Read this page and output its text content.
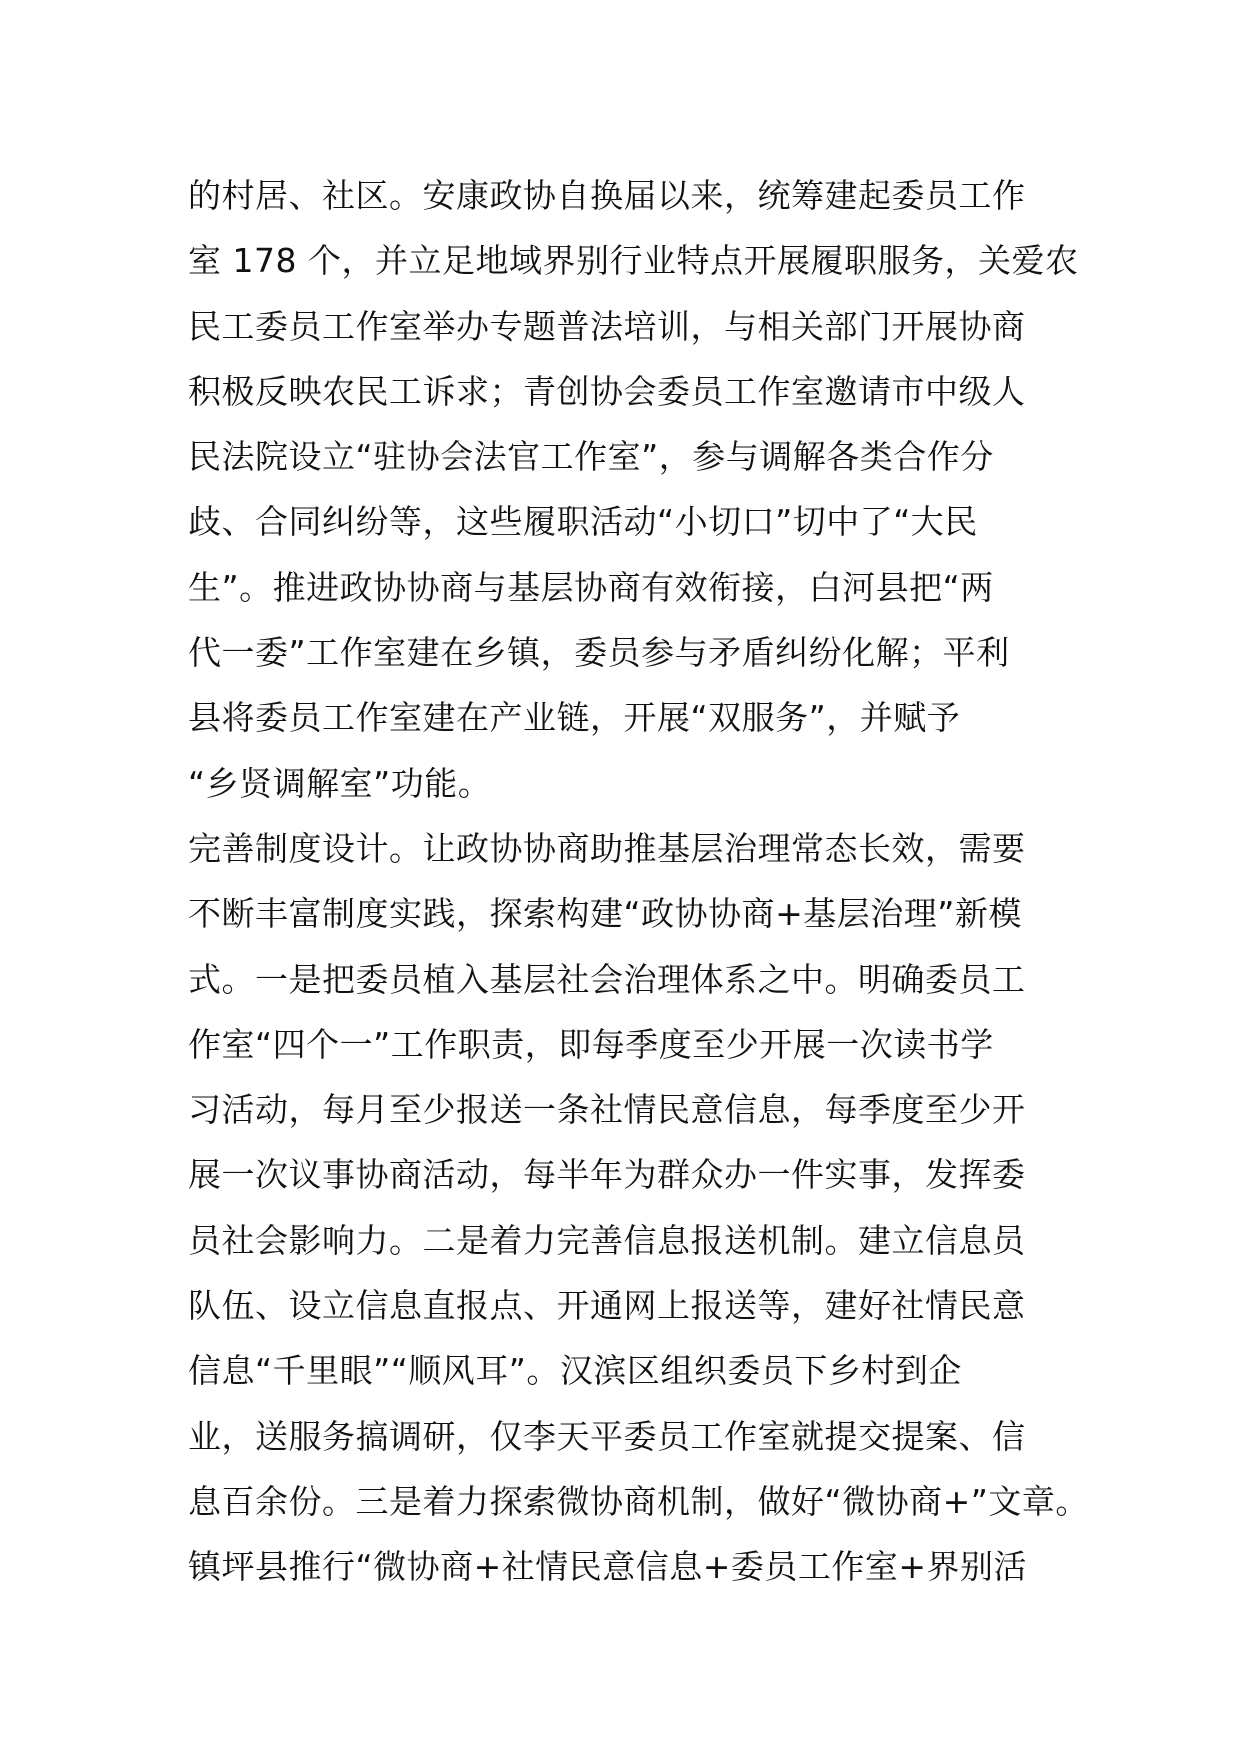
的村居、社区。安康政协自换届以来，统筹建起委员工作
室 178 个，并立足地域界别行业特点开展履职服务，关爱农
民工委员工作室举办专题普法培训，与相关部门开展协商
积极反映农民工诉求；青创协会委员工作室邀请市中级人
民法院设立“驻协会法官工作室”，参与调解各类合作分
歧、合同纠纷等，这些履职活动“小切口”切中了“大民
生”。推进政协协商与基层协商有效衔接，白河县把“两
代一委”工作室建在乡镇，委员参与矛盾纠纷化解；平利
县将委员工作室建在产业链，开展“双服务”，并赋予
“乡贤调解室”功能。
完善制度设计。让政协协商助推基层治理常态长效，需要
不断丰富制度实践，探索构建“政协协商+基层治理”新模
式。一是把委员植入基层社会治理体系之中。明确委员工
作室“四个一”工作职责，即每季度至少开展一次读书学
习活动，每月至少报送一条社情民意信息，每季度至少开
展一次议事协商活动，每半年为群众办一件实事，发挥委
员社会影响力。二是着力完善信息报送机制。建立信息员
队伍、设立信息直报点、开通网上报送等，建好社情民意
信息“千里眼”“顺风耳”。汉滨区组织委员下乡村到企
业，送服务搞调研，仅李天平委员工作室就提交提案、信
息百余份。三是着力探索微协商机制，做好“微协商+”文章。
镇坪县推行“微协商+社情民意信息+委员工作室+界别活
